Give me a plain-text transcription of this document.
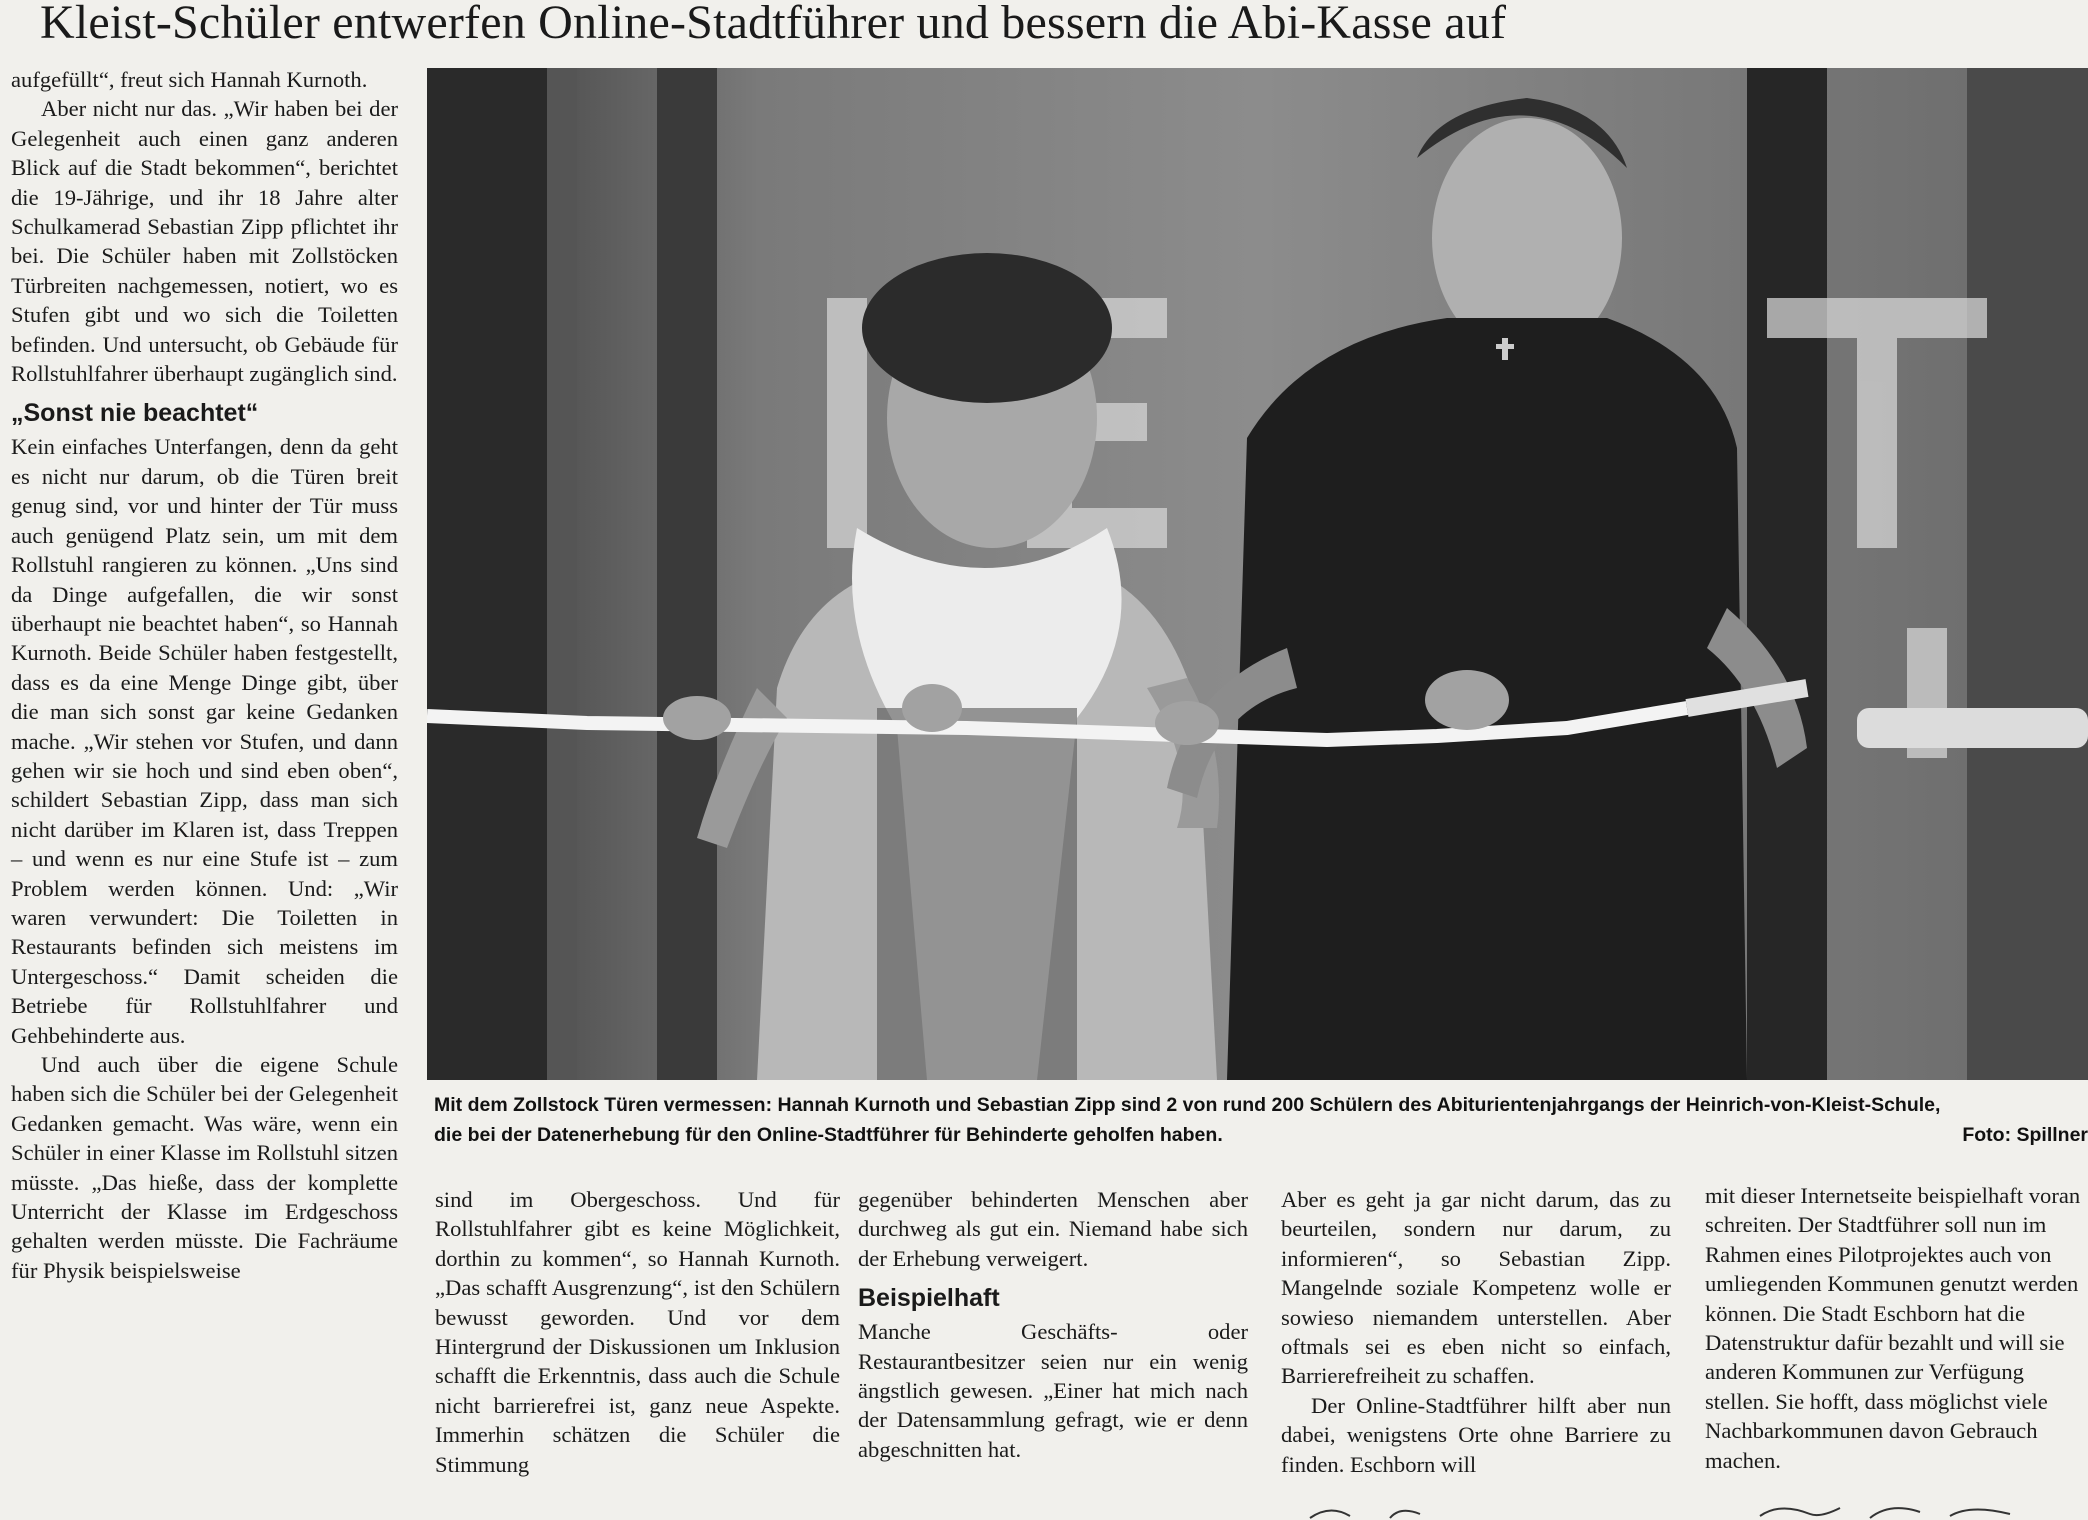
Kleist-Schüler entwerfen Online-Stadtführer und bessern die Abi-Kasse auf

aufgefüllt“, freut sich Hannah Kurnoth.

Aber nicht nur das. „Wir haben bei der Gelegenheit auch einen ganz anderen Blick auf die Stadt bekommen“, berichtet die 19-Jährige, und ihr 18 Jahre alter Schulkamerad Sebastian Zipp pflichtet ihr bei. Die Schüler haben mit Zollstöcken Türbreiten nachgemessen, notiert, wo es Stufen gibt und wo sich die Toiletten befinden. Und untersucht, ob Gebäude für Rollstuhlfahrer überhaupt zugänglich sind.

„Sonst nie beachtet“

Kein einfaches Unterfangen, denn da geht es nicht nur darum, ob die Türen breit genug sind, vor und hinter der Tür muss auch genügend Platz sein, um mit dem Rollstuhl rangieren zu können. „Uns sind da Dinge aufgefallen, die wir sonst überhaupt nie beachtet haben“, so Hannah Kurnoth. Beide Schüler haben festgestellt, dass es da eine Menge Dinge gibt, über die man sich sonst gar keine Gedanken mache. „Wir stehen vor Stufen, und dann gehen wir sie hoch und sind eben oben“, schildert Sebastian Zipp, dass man sich nicht darüber im Klaren ist, dass Treppen – und wenn es nur eine Stufe ist – zum Problem werden können. Und: „Wir waren verwundert: Die Toiletten in Restaurants befinden sich meistens im Untergeschoss.“ Damit scheiden die Betriebe für Rollstuhlfahrer und Gehbehinderte aus.

Und auch über die eigene Schule haben sich die Schüler bei der Gelegenheit Gedanken gemacht. Was wäre, wenn ein Schüler in einer Klasse im Rollstuhl sitzen müsste. „Das hieße, dass der komplette Unterricht der Klasse im Erdgeschoss gehalten werden müsste. Die Fachräume für Physik beispielsweise

Mit dem Zollstock Türen vermessen: Hannah Kurnoth und Sebastian Zipp sind 2 von rund 200 Schülern des Abiturientenjahrgangs der Heinrich-von-Kleist-Schule, die bei der Datenerhebung für den Online-Stadtführer für Behinderte geholfen haben.	Foto: Spillner

sind im Obergeschoss. Und für Rollstuhlfahrer gibt es keine Möglichkeit, dorthin zu kommen“, so Hannah Kurnoth. „Das schafft Ausgrenzung“, ist den Schülern bewusst geworden. Und vor dem Hintergrund der Diskussionen um Inklusion schafft die Erkenntnis, dass auch die Schule nicht barrierefrei ist, ganz neue Aspekte. Immerhin schätzen die Schüler die Stimmung

gegenüber behinderten Menschen aber durchweg als gut ein. Niemand habe sich der Erhebung verweigert.

Beispielhaft

Manche Geschäfts- oder Restaurantbesitzer seien nur ein wenig ängstlich gewesen. „Einer hat mich nach der Datensammlung gefragt, wie er denn abgeschnitten hat.

Aber es geht ja gar nicht darum, das zu beurteilen, sondern nur darum, zu informieren“, so Sebastian Zipp. Mangelnde soziale Kompetenz wolle er sowieso niemandem unterstellen. Aber oftmals sei es eben nicht so einfach, Barrierefreiheit zu schaffen.

Der Online-Stadtführer hilft aber nun dabei, wenigstens Orte ohne Barriere zu finden. Eschborn will

mit dieser Internetseite beispielhaft voran schreiten. Der Stadtführer soll nun im Rahmen eines Pilotprojektes auch von umliegenden Kommunen genutzt werden können. Die Stadt Eschborn hat die Datenstruktur dafür bezahlt und will sie anderen Kommunen zur Verfügung stellen. Sie hofft, dass möglichst viele Nachbarkommunen davon Gebrauch machen.
